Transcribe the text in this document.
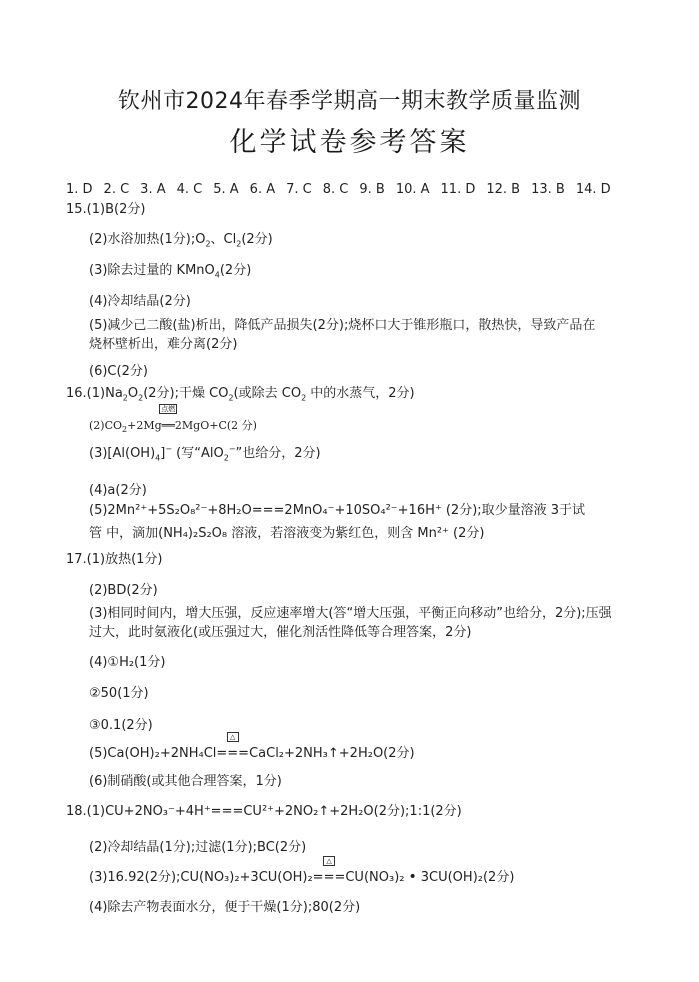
钦州市2024年春季学期高一期末教学质量监测
化学试卷参考答案
1. D 2. C 3. A 4. C 5. A 6. A 7. C 8. C 9. B 10. A 11. D 12. B 13. B 14. D
15.(1)B(2分)
(2)水浴加热(1分)$;O_2$、$Cl_2(2$分)
(3)除去过量的 KMnO$_4$(2分)
(4)冷却结晶(2分)
(5)减少己二酸(盐)析出，降低产品损失(2分);烧杯口大于锥形瓶口，散热快，导致产品在
烧杯壁析出，难分离(2分)
(6)C(2分)
$16.(1)Na_2O_2(2$分);干燥 $CO_2$(或除去 $CO_2$ 中的水蒸气，2分)
$(2)CO_2+2Mg$
点燃
══2MgO+C(2 分)
$(3)[Al(OH)_4]^-$ (写“AlO$_2$−”也给分，2分)
(4)a(2分)
(5)2Mn²⁺+5S₂O₈²⁻+8H₂O===2MnO₄⁻+10SO₄²⁻+16H⁺ (2分);取少量溶液 3于试
管 中，滴加(NH₄)₂S₂O₈ 溶液，若溶液变为紫红色，则含 Mn²⁺ (2分)
17.(1)放热(1分)
(2)BD(2分)
(3)相同时间内，增大压强，反应速率增大(答“增大压强，平衡正向移动”也给分，2分);压强
过大，此时氨液化(或压强过大，催化剂活性降低等合理答案，2分)
(4)①H₂(1分)
②50(1分)
③0.1(2分)
(5)Ca(OH)₂+2NH₄Cl
△
===CaCl₂+2NH₃↑+2H₂O(2分)
(6)制硝酸(或其他合理答案，1分)
18.(1)CU+2NO₃⁻+4H⁺===CU²⁺+2NO₂↑+2H₂O(2分);1:1(2分)
(2)冷却结晶(1分);过滤(1分);BC(2分)
(3)16.92(2分);CU(NO₃)₂+3CU(OH)₂
△
===CU(NO₃)₂ • 3CU(OH)₂(2分)
(4)除去产物表面水分，便于干燥(1分);80(2分)
